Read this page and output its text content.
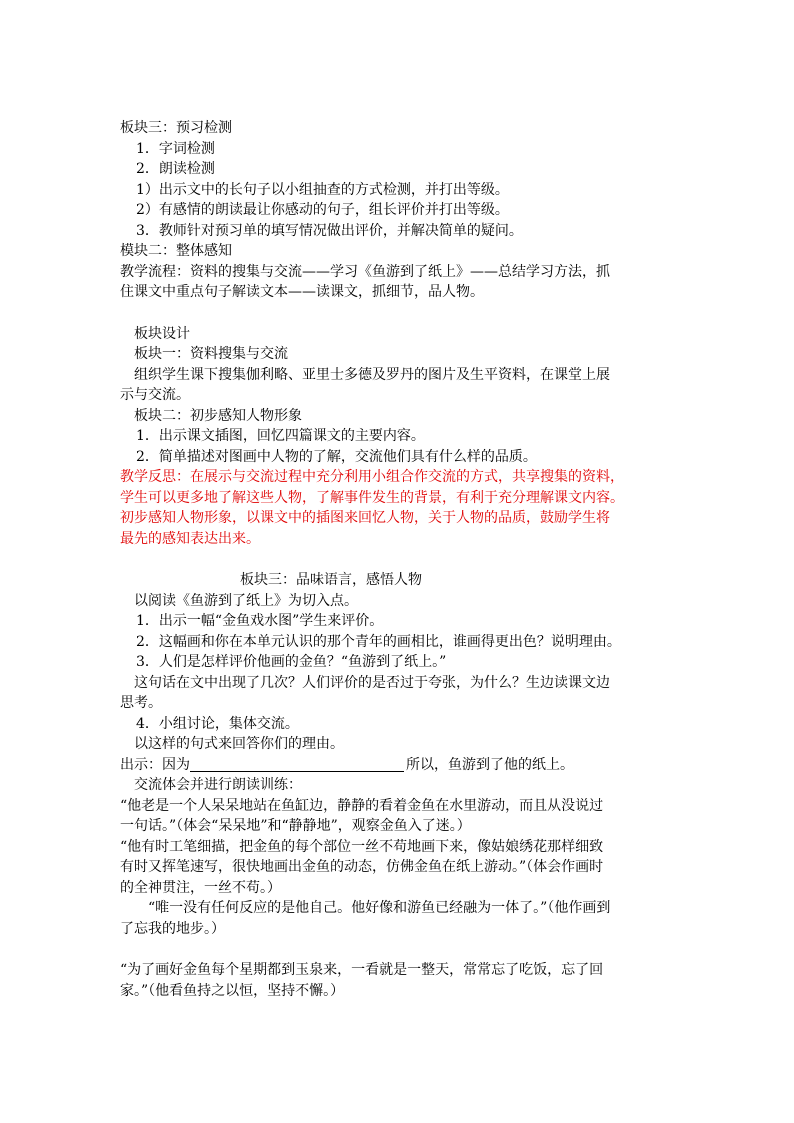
板块三：预习检测
1．字词检测
2．朗读检测
1）出示文中的长句子以小组抽查的方式检测，并打出等级。
2）有感情的朗读最让你感动的句子，组长评价并打出等级。
3．教师针对预习单的填写情况做出评价，并解决简单的疑问。
模块二：整体感知
教学流程：资料的搜集与交流——学习《鱼游到了纸上》——总结学习方法，抓
住课文中重点句子解读文本——读课文，抓细节，品人物。
板块设计
板块一：资料搜集与交流
组织学生课下搜集伽利略、亚里士多德及罗丹的图片及生平资料，在课堂上展
示与交流。
板块二：初步感知人物形象
1．出示课文插图，回忆四篇课文的主要内容。
2．简单描述对图画中人物的了解，交流他们具有什么样的品质。
教学反思：在展示与交流过程中充分利用小组合作交流的方式，共享搜集的资料，
学生可以更多地了解这些人物，了解事件发生的背景，有利于充分理解课文内容。
初步感知人物形象，以课文中的插图来回忆人物，关于人物的品质，鼓励学生将
最先的感知表达出来。
板块三：品味语言，感悟人物
以阅读《鱼游到了纸上》为切入点。
1．出示一幅“金鱼戏水图”学生来评价。
2．这幅画和你在本单元认识的那个青年的画相比，谁画得更出色？说明理由。
3．人们是怎样评价他画的金鱼？“鱼游到了纸上。”
这句话在文中出现了几次？人们评价的是否过于夸张，为什么？生边读课文边
思考。
4．小组讨论，集体交流。
以这样的句式来回答你们的理由。
出示：因为	所以，鱼游到了他的纸上。
交流体会并进行朗读训练：
“他老是一个人呆呆地站在鱼缸边，静静的看着金鱼在水里游动，而且从没说过
一句话。”（体会“呆呆地”和“静静地”，观察金鱼入了迷。）
“他有时工笔细描，把金鱼的每个部位一丝不苟地画下来，像姑娘绣花那样细致
有时又挥笔速写，很快地画出金鱼的动态，仿佛金鱼在纸上游动。”（体会作画时
的全神贯注，一丝不苟。）
“唯一没有任何反应的是他自己。他好像和游鱼已经融为一体了。”（他作画到
了忘我的地步。）
“为了画好金鱼每个星期都到玉泉来，一看就是一整天，常常忘了吃饭，忘了回
家。”（他看鱼持之以恒，坚持不懈。）
